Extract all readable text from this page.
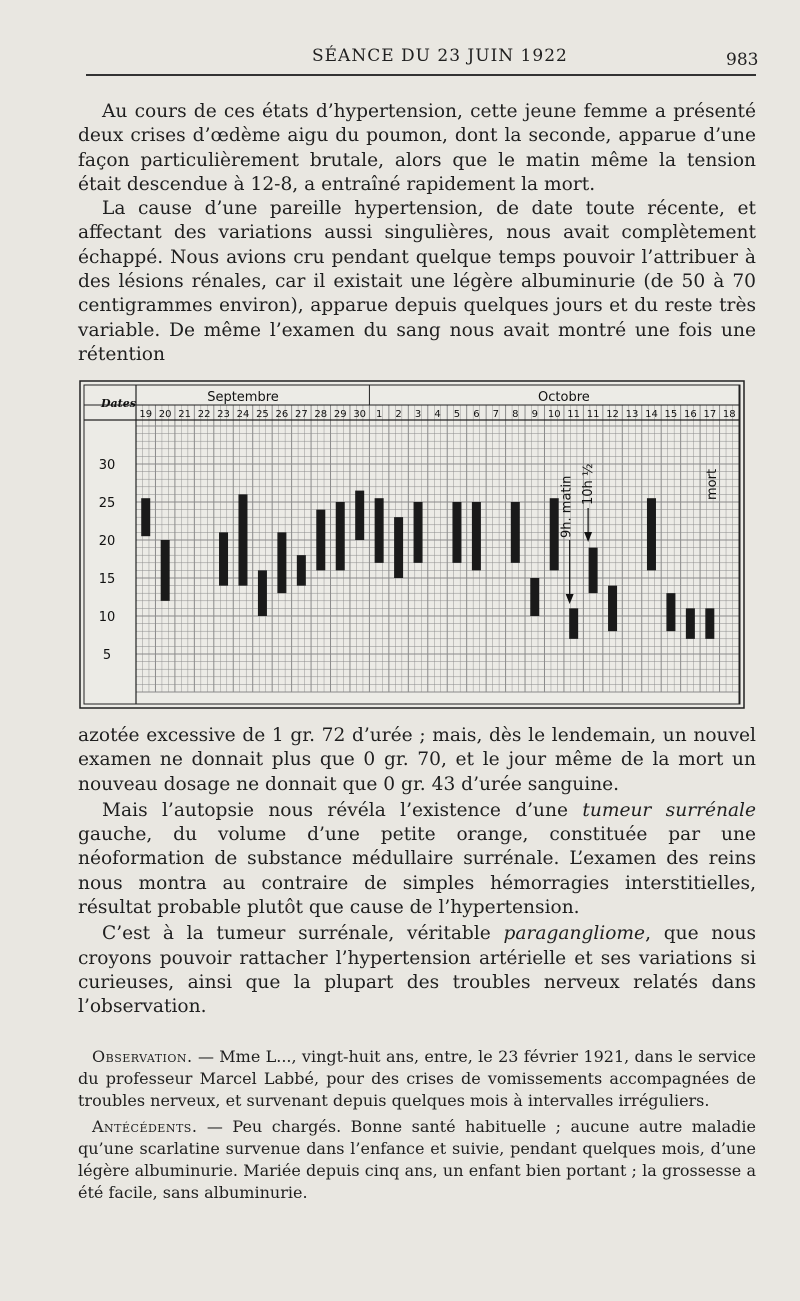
SÉANCE DU 23 JUIN 1922	983

Au cours de ces états d’hypertension, cette jeune femme a présenté deux crises d’œdème aigu du poumon, dont la seconde, apparue d’une façon particulièrement brutale, alors que le matin même la tension était descendue à 12-8, a entraîné rapidement la mort.

La cause d’une pareille hypertension, de date toute récente, et affectant des variations aussi singulières, nous avait complètement échappé. Nous avions cru pendant quelque temps pouvoir l’attribuer à des lésions rénales, car il existait une légère albuminurie (de 50 à 70 centigrammes environ), apparue depuis quelques jours et du reste très variable. De même l’examen du sang nous avait montré une fois une rétention

Dates	Septembre	Octobre
19 20 21 22 23 24 25 26 27 28 29 30 1 2 3 4 5 6 7 8 9 10 11 11 12 13 14 15 16 17 18
30
25
20
15
10
5
9h. matin 10h ½	mort

azotée excessive de 1 gr. 72 d’urée ; mais, dès le lendemain, un nouvel examen ne donnait plus que 0 gr. 70, et le jour même de la mort un nouveau dosage ne donnait que 0 gr. 43 d’urée sanguine.

Mais l’autopsie nous révéla l’existence d’une tumeur surrénale gauche, du volume d’une petite orange, constituée par une néoformation de substance médullaire surrénale. L’examen des reins nous montra au contraire de simples hémorragies interstitielles, résultat probable plutôt que cause de l’hypertension.

C’est à la tumeur surrénale, véritable paragangliome, que nous croyons pouvoir rattacher l’hypertension artérielle et ses variations si curieuses, ainsi que la plupart des troubles nerveux relatés dans l’observation.

Observation. — Mme L..., vingt-huit ans, entre, le 23 février 1921, dans le service du professeur Marcel Labbé, pour des crises de vomissements accompagnées de troubles nerveux, et survenant depuis quelques mois à intervalles irréguliers.

Antécédents. — Peu chargés. Bonne santé habituelle ; aucune autre maladie qu’une scarlatine survenue dans l’enfance et suivie, pendant quelques mois, d’une légère albuminurie. Mariée depuis cinq ans, un enfant bien portant ; la grossesse a été facile, sans albuminurie.
